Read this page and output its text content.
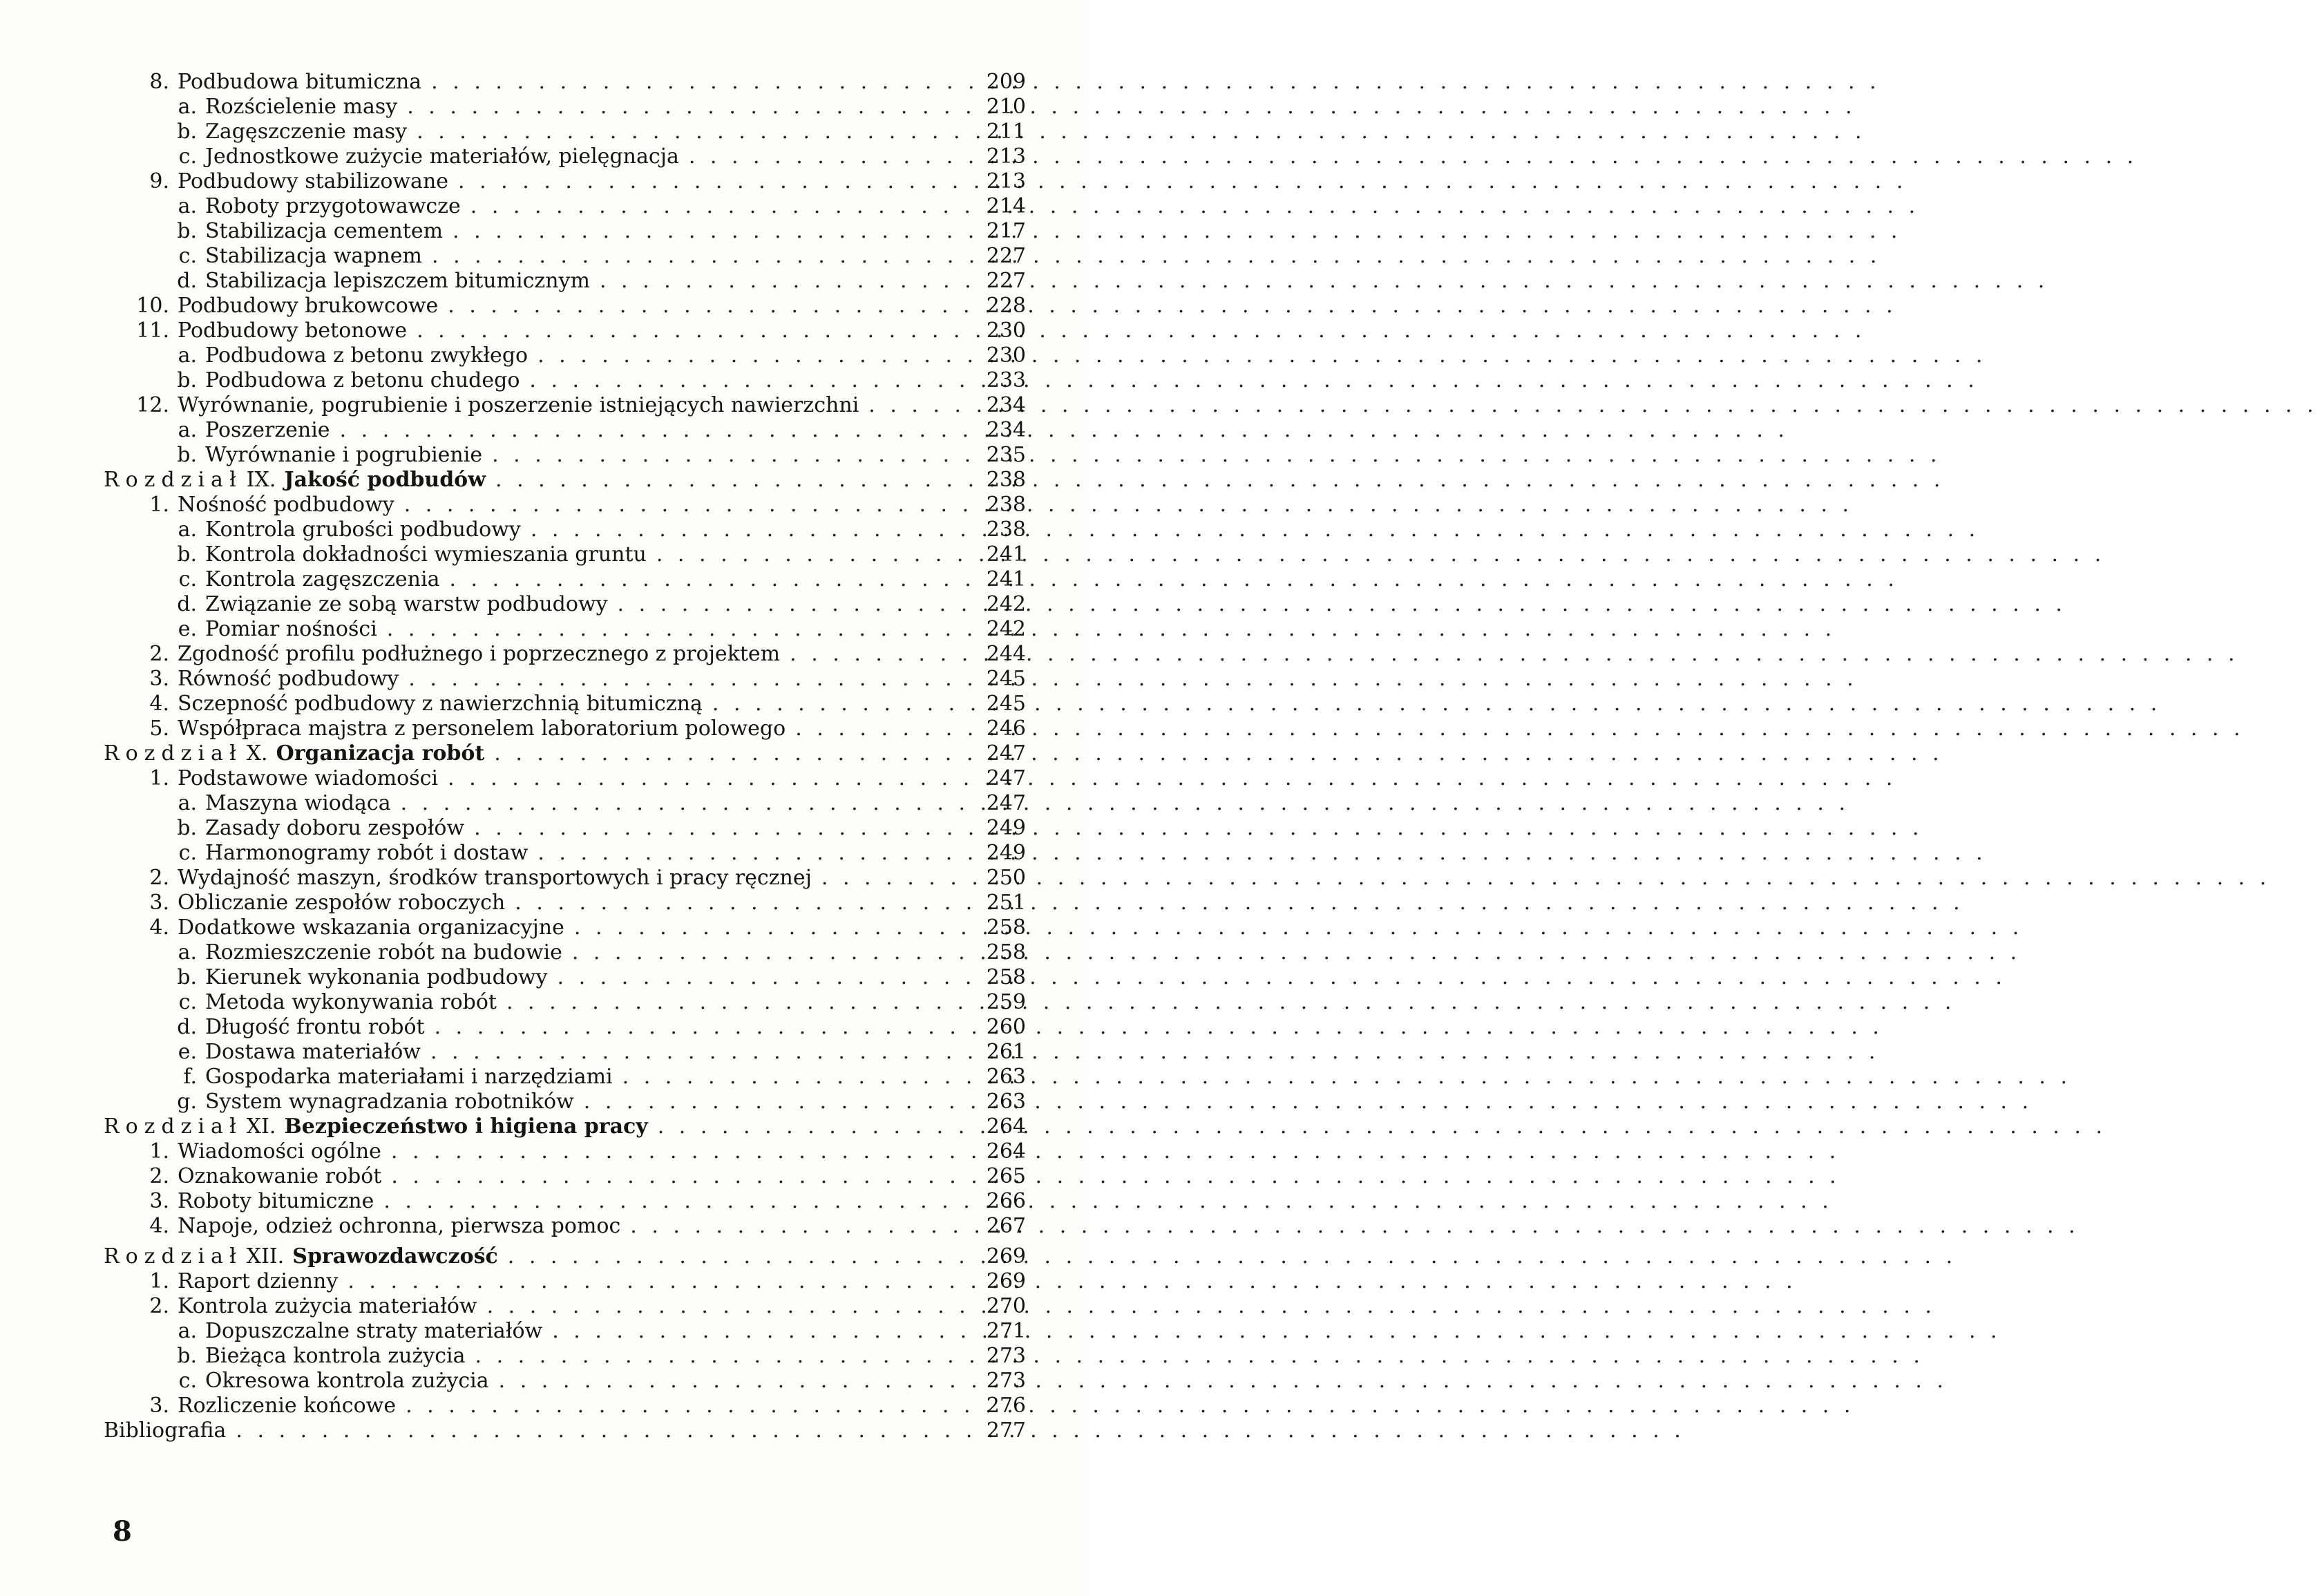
8. Podbudowa bitumiczna . . .	209
a. Rozścielenie masy . . .	210
b. Zagęszczenie masy . . .	211
c. Jednostkowe zużycie materiałów, pielęgnacja . . .	213
9. Podbudowy stabilizowane . . .	213
a. Roboty przygotowawcze . . .	214
b. Stabilizacja cementem . . .	217
c. Stabilizacja wapnem . . .	227
d. Stabilizacja lepiszczem bitumicznym . . .	227
10. Podbudowy brukowcowe . . .	228
11. Podbudowy betonowe . . .	230
a. Podbudowa z betonu zwykłego . . .	230
b. Podbudowa z betonu chudego . . .	233
12. Wyrównanie, pogrubienie i poszerzenie istniejących nawierzchni . . .	234
a. Poszerzenie . . .	234
b. Wyrównanie i pogrubienie . . .	235
Rozdział IX. Jakość podbudów . . .	238
1. Nośność podbudowy . . .	238
a. Kontrola grubości podbudowy . . .	238
b. Kontrola dokładności wymieszania gruntu . . .	241
c. Kontrola zagęszczenia . . .	241
d. Związanie ze sobą warstw podbudowy . . .	242
e. Pomiar nośności . . .	242
2. Zgodność profilu podłużnego i poprzecznego z projektem . . .	244
3. Równość podbudowy . . .	245
4. Sczepność podbudowy z nawierzchnią bitumiczną . . .	245
5. Współpraca majstra z personelem laboratorium polowego . . .	246
Rozdział X. Organizacja robót . . .	247
1. Podstawowe wiadomości . . .	247
a. Maszyna wiodąca . . .	247
b. Zasady doboru zespołów . . .	249
c. Harmonogramy robót i dostaw . . .	249
2. Wydajność maszyn, środków transportowych i pracy ręcznej . . .	250
3. Obliczanie zespołów roboczych . . .	251
4. Dodatkowe wskazania organizacyjne . . .	258
a. Rozmieszczenie robót na budowie . . .	258
b. Kierunek wykonania podbudowy . . .	258
c. Metoda wykonywania robót . . .	259
d. Długość frontu robót . . .	260
e. Dostawa materiałów . . .	261
f. Gospodarka materiałami i narzędziami . . .	263
g. System wynagradzania robotników . . .	263
Rozdział XI. Bezpieczeństwo i higiena pracy . . .	264
1. Wiadomości ogólne . . .	264
2. Oznakowanie robót . . .	265
3. Roboty bitumiczne . . .	266
4. Napoje, odzież ochronna, pierwsza pomoc . . .	267
Rozdział XII. Sprawozdawczość . . .	269
1. Raport dzienny . . .	269
2. Kontrola zużycia materiałów . . .	270
a. Dopuszczalne straty materiałów . . .	271
b. Bieżąca kontrola zużycia . . .	273
c. Okresowa kontrola zużycia . . .	273
3. Rozliczenie końcowe . . .	276
Bibliografia . . .	277
8
